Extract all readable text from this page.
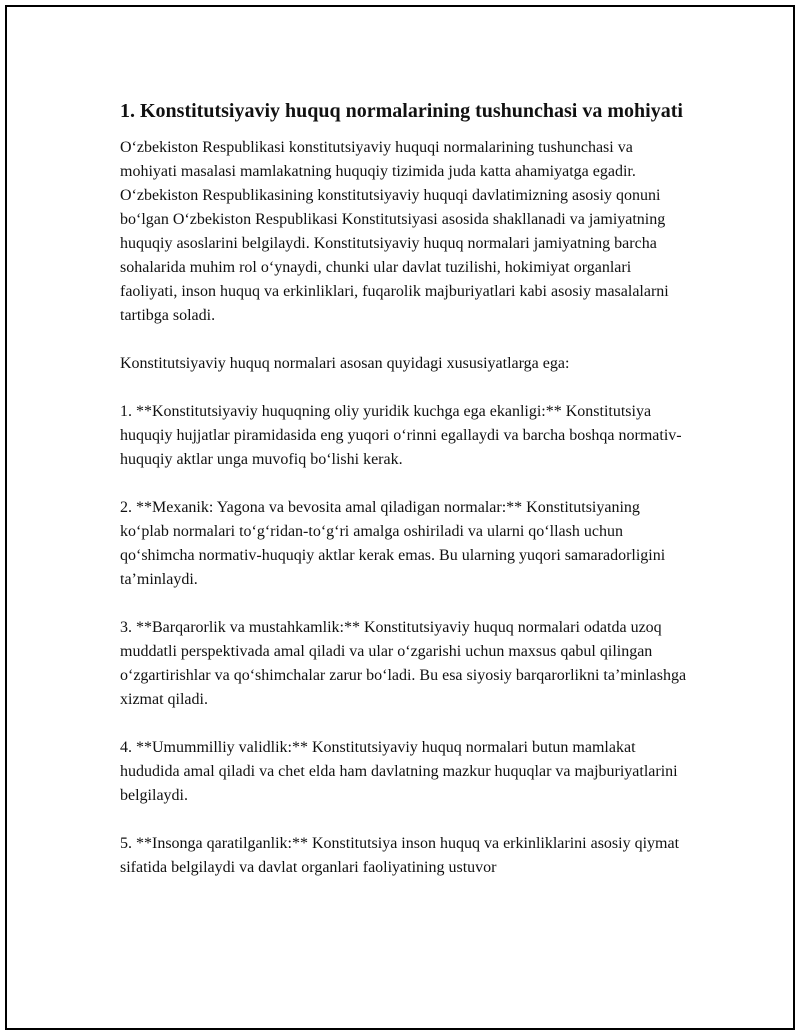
1. Konstitutsiyaviy huquq normalarining tushunchasi va mohiyati

O‘zbekiston Respublikasi konstitutsiyaviy huquqi normalarining tushunchasi va mohiyati masalasi mamlakatning huquqiy tizimida juda katta ahamiyatga egadir. O‘zbekiston Respublikasining konstitutsiyaviy huquqi davlatimizning asosiy qonuni bo‘lgan O‘zbekiston Respublikasi Konstitutsiyasi asosida shakllanadi va jamiyatning huquqiy asoslarini belgilaydi. Konstitutsiyaviy huquq normalari jamiyatning barcha sohalarida muhim rol o‘ynaydi, chunki ular davlat tuzilishi, hokimiyat organlari faoliyati, inson huquq va erkinliklari, fuqarolik majburiyatlari kabi asosiy masalalarni tartibga soladi.

Konstitutsiyaviy huquq normalari asosan quyidagi xususiyatlarga ega:

1. **Konstitutsiyaviy huquqning oliy yuridik kuchga ega ekanligi:** Konstitutsiya huquqiy hujjatlar piramidasida eng yuqori o‘rinni egallaydi va barcha boshqa normativ-huquqiy aktlar unga muvofiq bo‘lishi kerak.

2. **Mexanik: Yagona va bevosita amal qiladigan normalar:** Konstitutsiyaning ko‘plab normalari to‘g‘ridan-to‘g‘ri amalga oshiriladi va ularni qo‘llash uchun qo‘shimcha normativ-huquqiy aktlar kerak emas. Bu ularning yuqori samaradorligini ta’minlaydi.

3. **Barqarorlik va mustahkamlik:** Konstitutsiyaviy huquq normalari odatda uzoq muddatli perspektivada amal qiladi va ular o‘zgarishi uchun maxsus qabul qilingan o‘zgartirishlar va qo‘shimchalar zarur bo‘ladi. Bu esa siyosiy barqarorlikni ta’minlashga xizmat qiladi.

4. **Umummilliy validlik:** Konstitutsiyaviy huquq normalari butun mamlakat hududida amal qiladi va chet elda ham davlatning mazkur huquqlar va majburiyatlarini belgilaydi.

5. **Insonga qaratilganlik:** Konstitutsiya inson huquq va erkinliklarini asosiy qiymat sifatida belgilaydi va davlat organlari faoliyatining ustuvor
